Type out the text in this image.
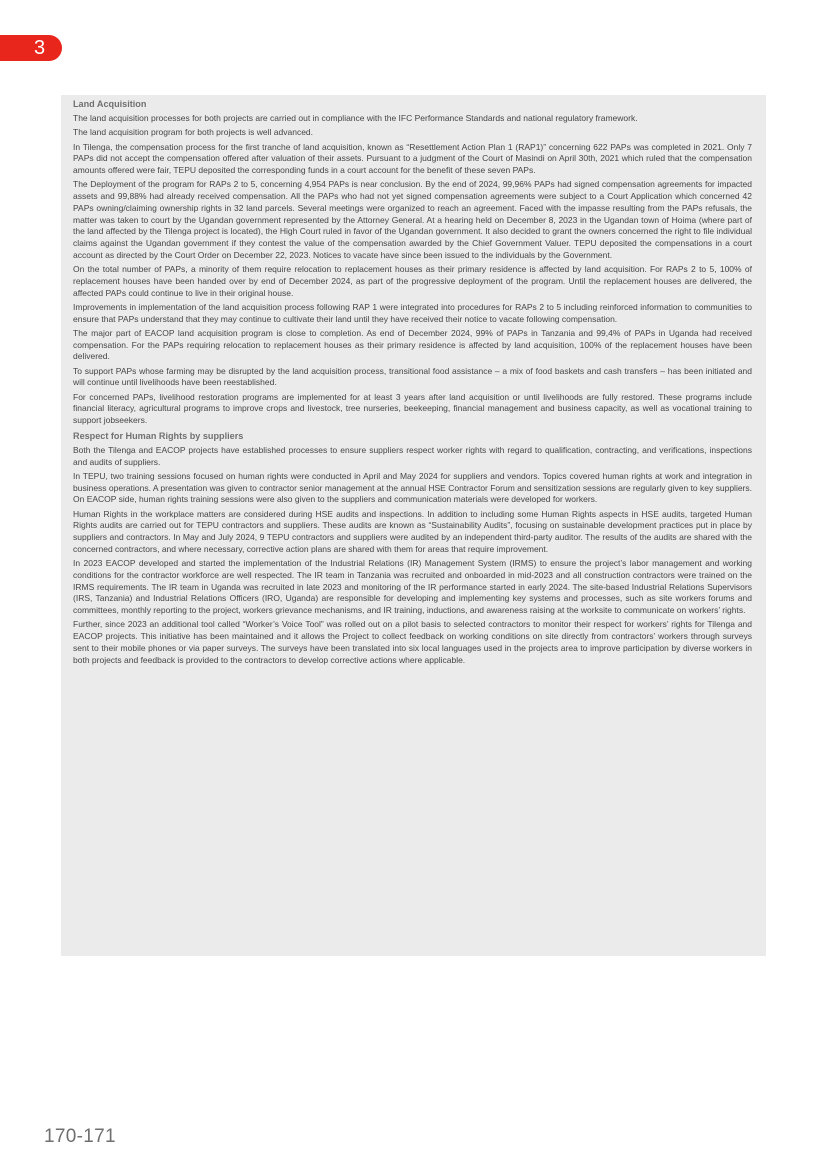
3
Land Acquisition

The land acquisition processes for both projects are carried out in compliance with the IFC Performance Standards and national regulatory framework.

The land acquisition program for both projects is well advanced.

In Tilenga, the compensation process for the first tranche of land acquisition, known as “Resettlement Action Plan 1 (RAP1)” concerning 622 PAPs was completed in 2021. Only 7 PAPs did not accept the compensation offered after valuation of their assets. Pursuant to a judgment of the Court of Masindi on April 30th, 2021 which ruled that the compensation amounts offered were fair, TEPU deposited the corresponding funds in a court account for the benefit of these seven PAPs.

The Deployment of the program for RAPs 2 to 5, concerning 4,954 PAPs is near conclusion. By the end of 2024, 99,96% PAPs had signed compensation agreements for impacted assets and 99,88% had already received compensation. All the PAPs who had not yet signed compensation agreements were subject to a Court Application which concerned 42 PAPs owning/claiming ownership rights in 32 land parcels. Several meetings were organized to reach an agreement. Faced with the impasse resulting from the PAPs refusals, the matter was taken to court by the Ugandan government represented by the Attorney General. At a hearing held on December 8, 2023 in the Ugandan town of Hoima (where part of the land affected by the Tilenga project is located), the High Court ruled in favor of the Ugandan government. It also decided to grant the owners concerned the right to file individual claims against the Ugandan government if they contest the value of the compensation awarded by the Chief Government Valuer. TEPU deposited the compensations in a court account as directed by the Court Order on December 22, 2023. Notices to vacate have since been issued to the individuals by the Government.

On the total number of PAPs, a minority of them require relocation to replacement houses as their primary residence is affected by land acquisition. For RAPs 2 to 5, 100% of replacement houses have been handed over by end of December 2024, as part of the progressive deployment of the program. Until the replacement houses are delivered, the affected PAPs could continue to live in their original house.

Improvements in implementation of the land acquisition process following RAP 1 were integrated into procedures for RAPs 2 to 5 including reinforced information to communities to ensure that PAPs understand that they may continue to cultivate their land until they have received their notice to vacate following compensation.

The major part of EACOP land acquisition program is close to completion. As end of December 2024, 99% of PAPs in Tanzania and 99,4% of PAPs in Uganda had received compensation. For the PAPs requiring relocation to replacement houses as their primary residence is affected by land acquisition, 100% of the replacement houses have been delivered.

To support PAPs whose farming may be disrupted by the land acquisition process, transitional food assistance – a mix of food baskets and cash transfers – has been initiated and will continue until livelihoods have been reestablished.

For concerned PAPs, livelihood restoration programs are implemented for at least 3 years after land acquisition or until livelihoods are fully restored. These programs include financial literacy, agricultural programs to improve crops and livestock, tree nurseries, beekeeping, financial management and business capacity, as well as vocational training to support jobseekers.

Respect for Human Rights by suppliers

Both the Tilenga and EACOP projects have established processes to ensure suppliers respect worker rights with regard to qualification, contracting, and verifications, inspections and audits of suppliers.

In TEPU, two training sessions focused on human rights were conducted in April and May 2024 for suppliers and vendors. Topics covered human rights at work and integration in business operations. A presentation was given to contractor senior management at the annual HSE Contractor Forum and sensitization sessions are regularly given to key suppliers. On EACOP side, human rights training sessions were also given to the suppliers and communication materials were developed for workers.

Human Rights in the workplace matters are considered during HSE audits and inspections. In addition to including some Human Rights aspects in HSE audits, targeted Human Rights audits are carried out for TEPU contractors and suppliers. These audits are known as “Sustainability Audits”, focusing on sustainable development practices put in place by suppliers and contractors. In May and July 2024, 9 TEPU contractors and suppliers were audited by an independent third-party auditor. The results of the audits are shared with the concerned contractors, and where necessary, corrective action plans are shared with them for areas that require improvement.

In 2023 EACOP developed and started the implementation of the Industrial Relations (IR) Management System (IRMS) to ensure the project’s labor management and working conditions for the contractor workforce are well respected. The IR team in Tanzania was recruited and onboarded in mid-2023 and all construction contractors were trained on the IRMS requirements. The IR team in Uganda was recruited in late 2023 and monitoring of the IR performance started in early 2024. The site-based Industrial Relations Supervisors (IRS, Tanzania) and Industrial Relations Officers (IRO, Uganda) are responsible for developing and implementing key systems and processes, such as site workers forums and committees, monthly reporting to the project, workers grievance mechanisms, and IR training, inductions, and awareness raising at the worksite to communicate on workers’ rights.

Further, since 2023 an additional tool called “Worker’s Voice Tool” was rolled out on a pilot basis to selected contractors to monitor their respect for workers’ rights for Tilenga and EACOP projects. This initiative has been maintained and it allows the Project to collect feedback on working conditions on site directly from contractors’ workers through surveys sent to their mobile phones or via paper surveys. The surveys have been translated into six local languages used in the projects area to improve participation by diverse workers in both projects and feedback is provided to the contractors to develop corrective actions where applicable.

170-171
